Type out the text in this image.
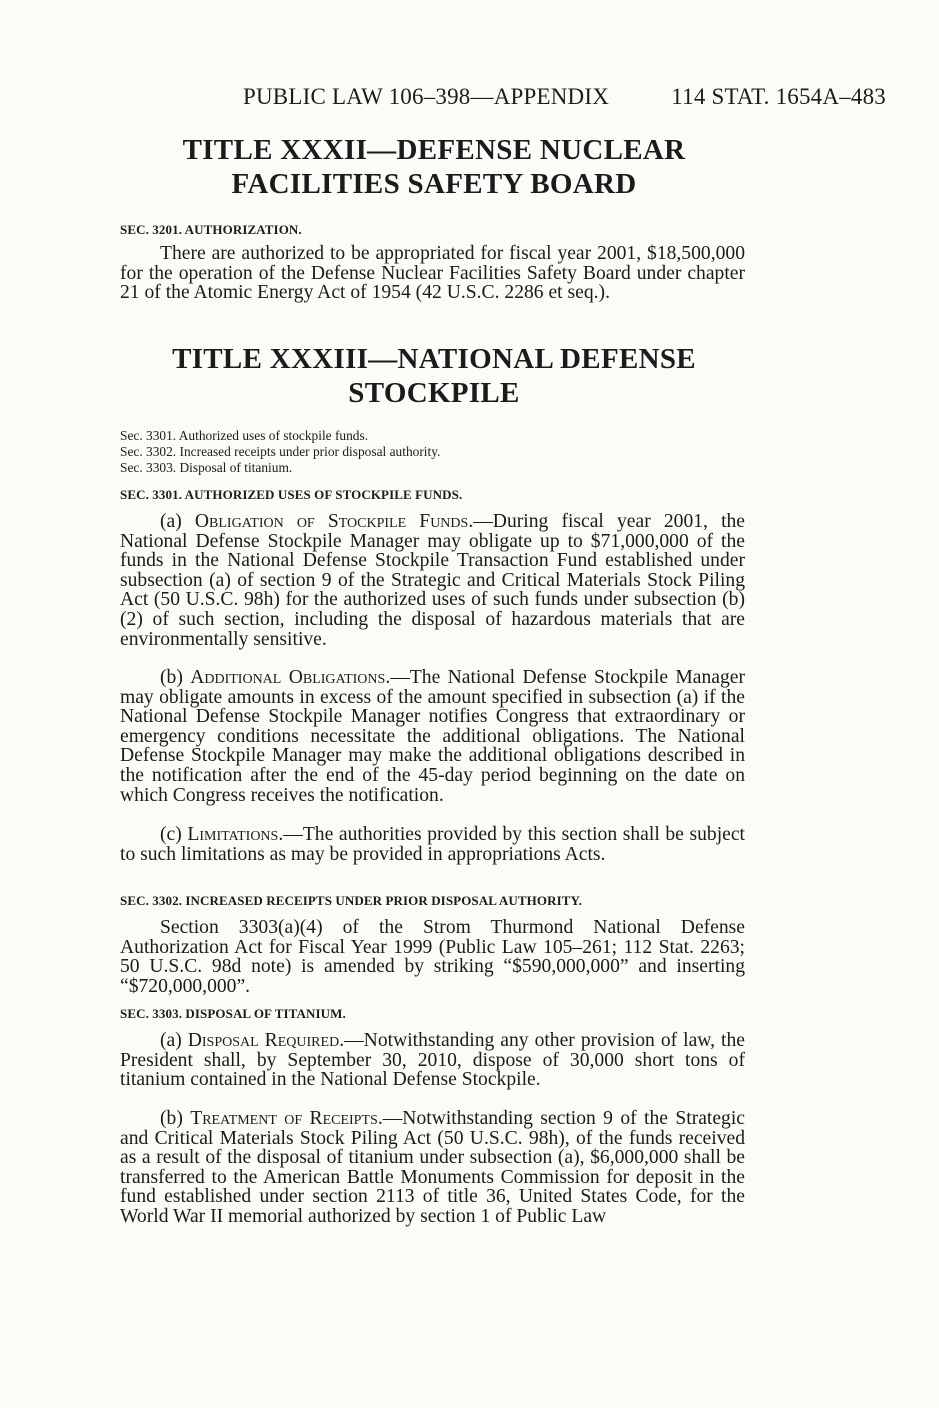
PUBLIC LAW 106–398—APPENDIX	114 STAT. 1654A–483
TITLE XXXII—DEFENSE NUCLEAR
FACILITIES SAFETY BOARD
SEC. 3201. AUTHORIZATION.

There are authorized to be appropriated for fiscal year 2001, $18,500,000 for the operation of the Defense Nuclear Facilities Safety Board under chapter 21 of the Atomic Energy Act of 1954 (42 U.S.C. 2286 et seq.).

TITLE XXXIII—NATIONAL DEFENSE
STOCKPILE
Sec. 3301. Authorized uses of stockpile funds.
Sec. 3302. Increased receipts under prior disposal authority.
Sec. 3303. Disposal of titanium.
SEC. 3301. AUTHORIZED USES OF STOCKPILE FUNDS.

(a) Obligation of Stockpile Funds.—During fiscal year 2001, the National Defense Stockpile Manager may obligate up to $71,000,000 of the funds in the National Defense Stockpile Transaction Fund established under subsection (a) of section 9 of the Strategic and Critical Materials Stock Piling Act (50 U.S.C. 98h) for the authorized uses of such funds under subsection (b)(2) of such section, including the disposal of hazardous materials that are environmentally sensitive.

(b) Additional Obligations.—The National Defense Stockpile Manager may obligate amounts in excess of the amount specified in subsection (a) if the National Defense Stockpile Manager notifies Congress that extraordinary or emergency conditions necessitate the additional obligations. The National Defense Stockpile Manager may make the additional obligations described in the notification after the end of the 45-day period beginning on the date on which Congress receives the notification.

(c) Limitations.—The authorities provided by this section shall be subject to such limitations as may be provided in appropriations Acts.

SEC. 3302. INCREASED RECEIPTS UNDER PRIOR DISPOSAL AUTHORITY.

Section 3303(a)(4) of the Strom Thurmond National Defense Authorization Act for Fiscal Year 1999 (Public Law 105–261; 112 Stat. 2263; 50 U.S.C. 98d note) is amended by striking “$590,000,000” and inserting “$720,000,000”.

SEC. 3303. DISPOSAL OF TITANIUM.

(a) Disposal Required.—Notwithstanding any other provision of law, the President shall, by September 30, 2010, dispose of 30,000 short tons of titanium contained in the National Defense Stockpile.

(b) Treatment of Receipts.—Notwithstanding section 9 of the Strategic and Critical Materials Stock Piling Act (50 U.S.C. 98h), of the funds received as a result of the disposal of titanium under subsection (a), $6,000,000 shall be transferred to the American Battle Monuments Commission for deposit in the fund established under section 2113 of title 36, United States Code, for the World War II memorial authorized by section 1 of Public Law
